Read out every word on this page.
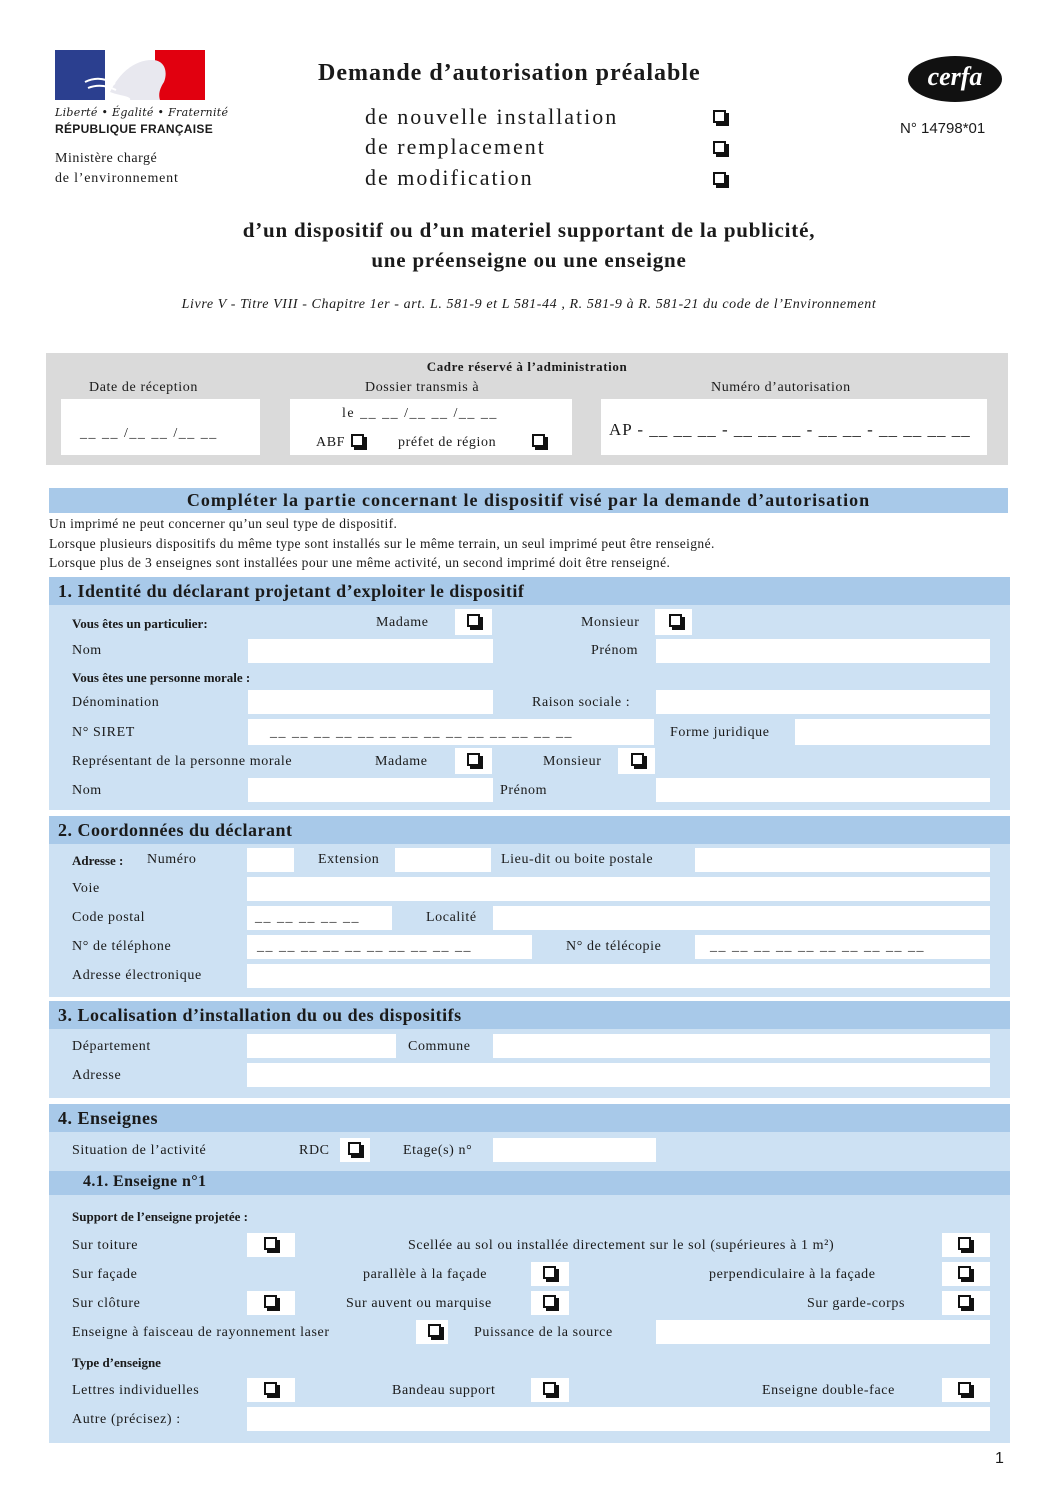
Liberté • Égalité • Fraternité
RÉPUBLIQUE FRANÇAISE
Ministère chargé
de l’environnement
Demande d’autorisation préalable
de nouvelle installation
de remplacement
de modification
cerfa
N° 14798*01
d’un dispositif ou d’un materiel supportant de la publicité,
une préenseigne ou une enseigne
Livre V - Titre VIII - Chapitre 1er - art. L. 581-9 et L 581-44 , R. 581-9 à R. 581-21 du code de l’Environnement
Cadre réservé à l’administration
Date de réception
__ __ /__ __ /__ __
Dossier transmis à
le __ __ /__ __ /__ __
ABF	préfet de région
Numéro d’autorisation
AP - __ __ __ - __ __ __ - __ __ - __ __ __ __
Compléter la partie concernant le dispositif visé par la demande d’autorisation
Un imprimé ne peut concerner qu’un seul type de dispositif.
Lorsque plusieurs dispositifs du même type sont installés sur le même terrain, un seul imprimé peut être renseigné.
Lorsque plus de 3 enseignes sont installées pour une même activité, un second imprimé doit être renseigné.
1. Identité du déclarant projetant d’exploiter le dispositif
Vous êtes un particulier:	Madame	Monsieur
Nom	Prénom
Vous êtes une personne morale :
Dénomination	Raison sociale :
N° SIRET	__ __ __ __ __ __ __ __ __ __ __ __ __ __	Forme juridique
Représentant de la personne morale	Madame	Monsieur
Nom	Prénom
2. Coordonnées du déclarant
Adresse : Numéro	Extension	Lieu-dit ou boite postale
Voie
Code postal	__ __ __ __ __	Localité
N° de téléphone	__ __ __ __ __ __ __ __ __ __	N° de télécopie	__ __ __ __ __ __ __ __ __ __
Adresse électronique
3. Localisation d’installation du ou des dispositifs
Département	Commune
Adresse
4. Enseignes
Situation de l’activité	RDC	Etage(s) n°
4.1. Enseigne n°1
Support de l’enseigne projetée :
Sur toiture	Scellée au sol ou installée directement sur le sol (supérieures à 1 m²)
Sur façade	parallèle à la façade	perpendiculaire à la façade
Sur clôture	Sur auvent ou marquise	Sur garde-corps
Enseigne à faisceau de rayonnement laser	Puissance de la source
Type d’enseigne
Lettres individuelles	Bandeau support	Enseigne double-face
Autre (précisez) :
1
